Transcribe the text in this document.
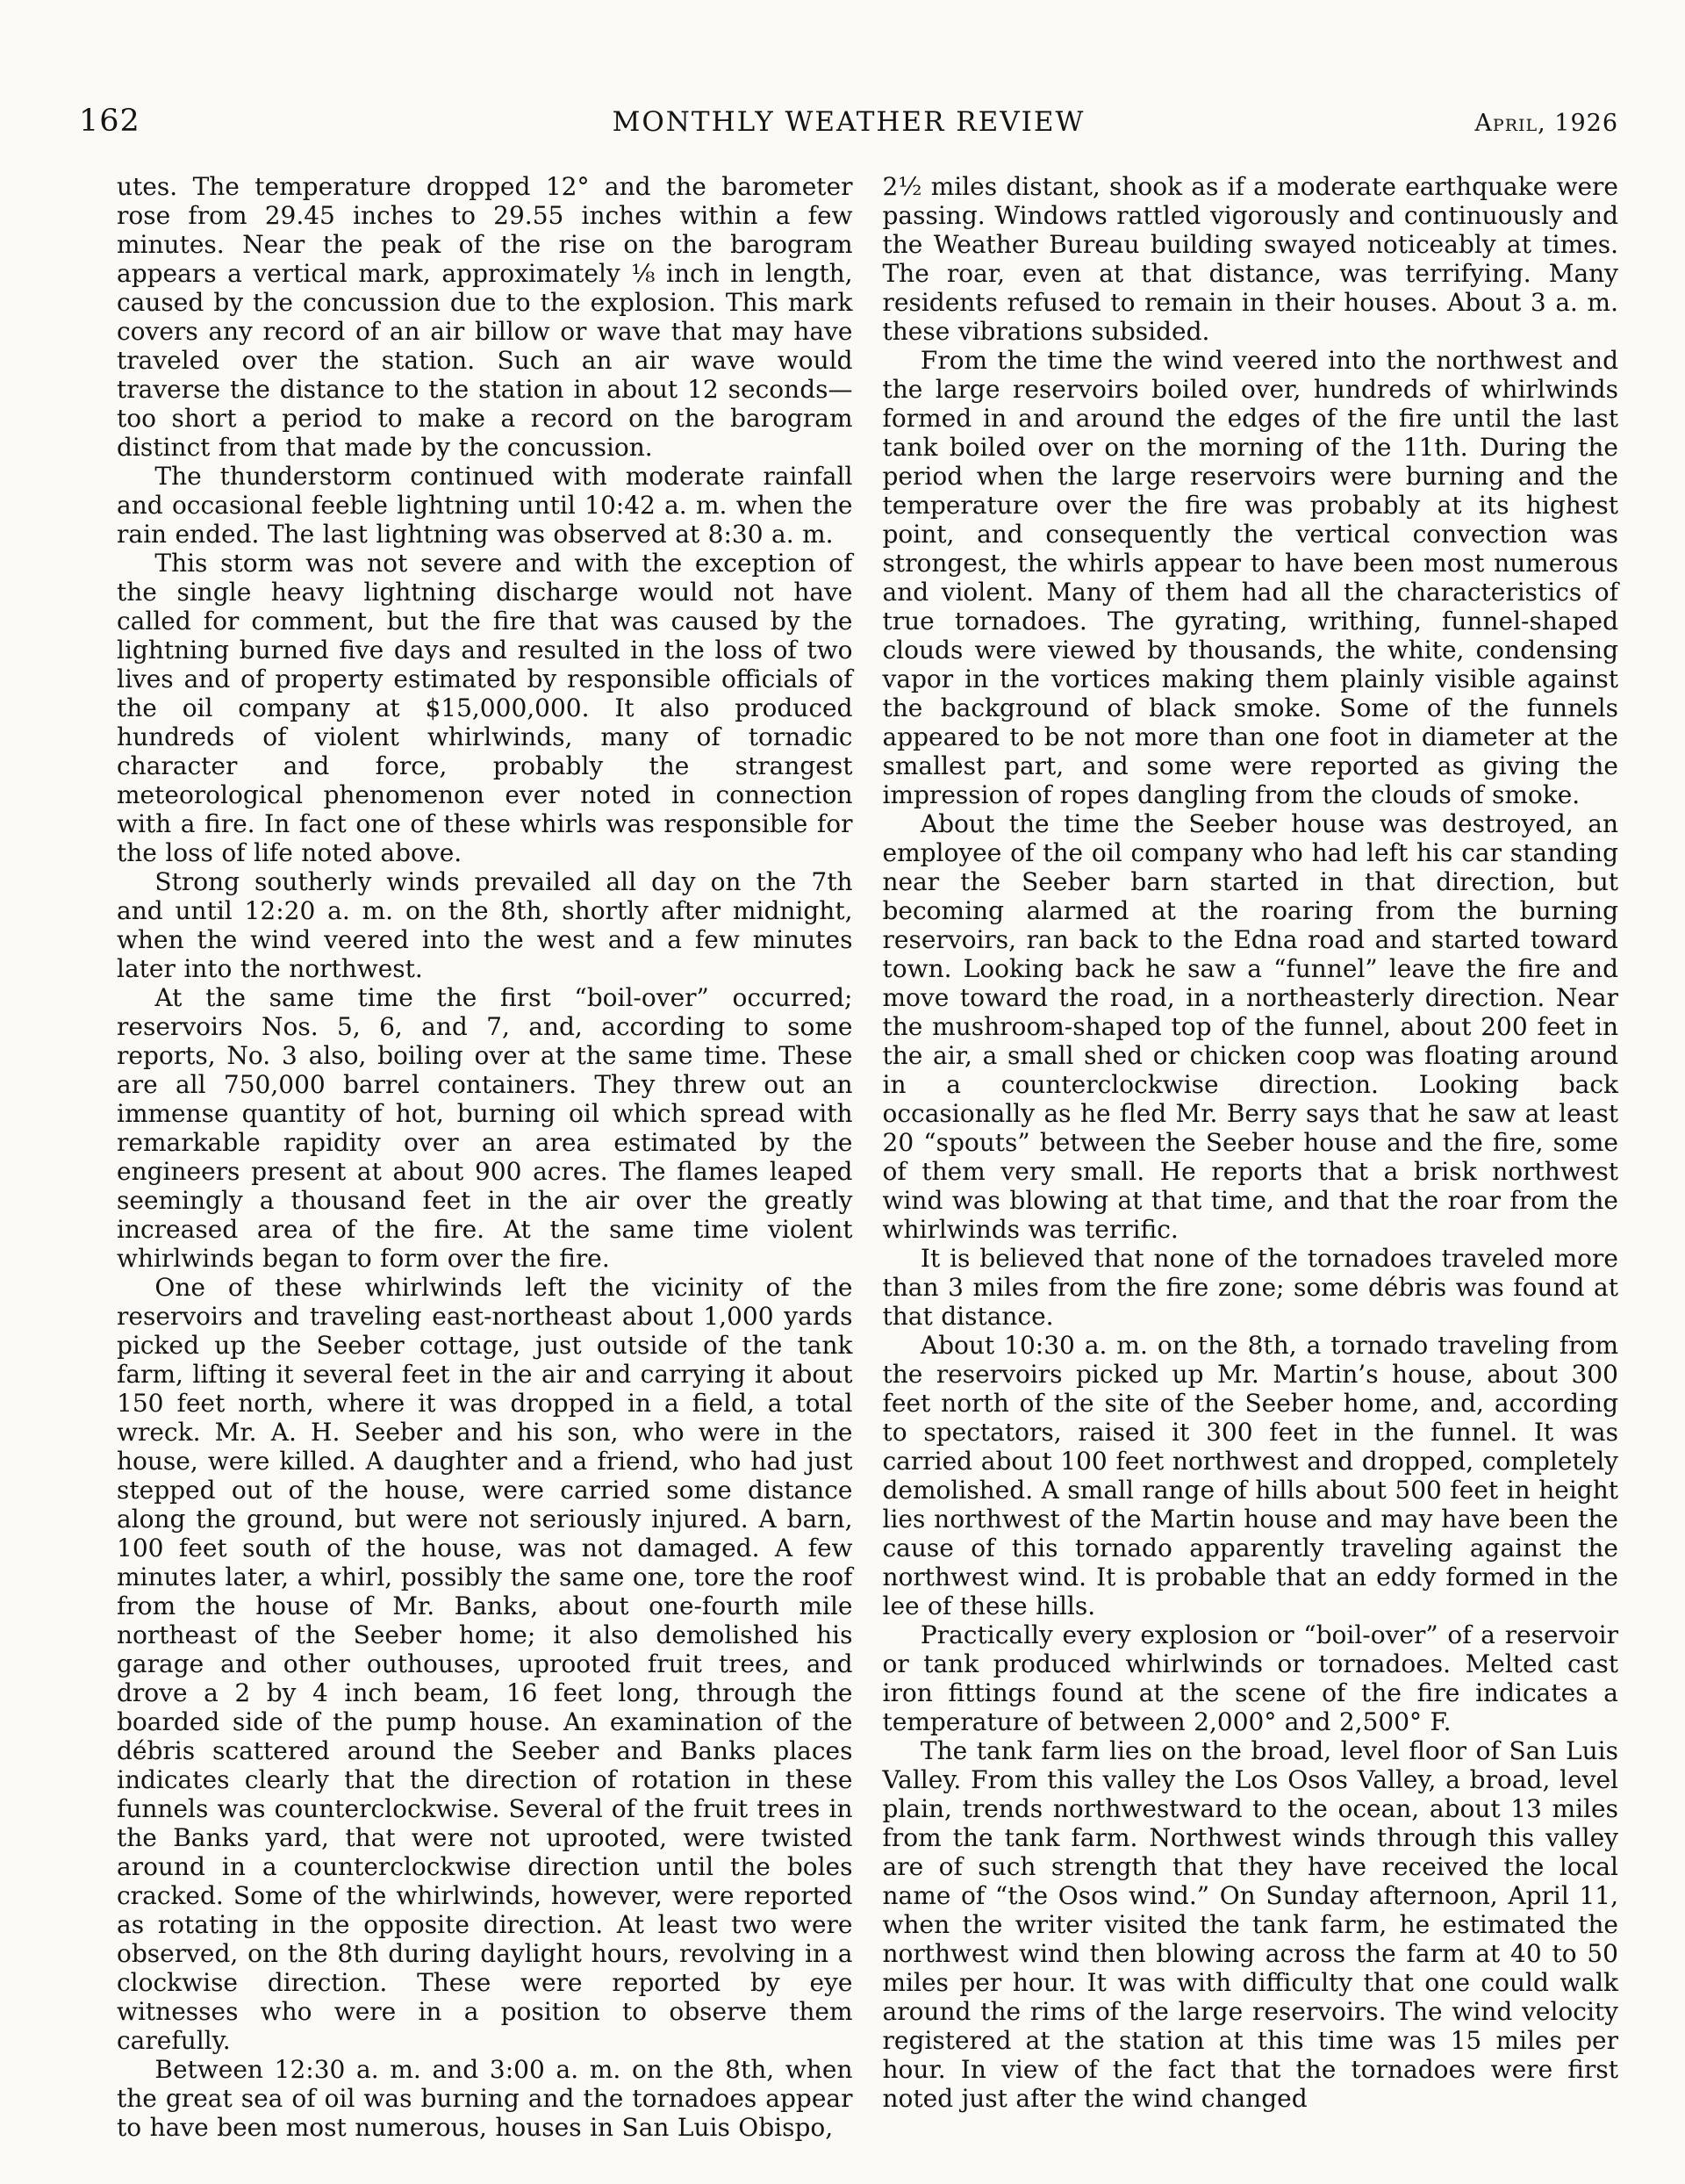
162	MONTHLY WEATHER REVIEW	April, 1926

utes. The temperature dropped 12° and the barometer rose from 29.45 inches to 29.55 inches within a few minutes. Near the peak of the rise on the barogram appears a vertical mark, approximately ⅛ inch in length, caused by the concussion due to the explosion. This mark covers any record of an air billow or wave that may have traveled over the station. Such an air wave would traverse the distance to the station in about 12 seconds—too short a period to make a record on the barogram distinct from that made by the concussion.

The thunderstorm continued with moderate rainfall and occasional feeble lightning until 10:42 a. m. when the rain ended. The last lightning was observed at 8:30 a. m.

This storm was not severe and with the exception of the single heavy lightning discharge would not have called for comment, but the fire that was caused by the lightning burned five days and resulted in the loss of two lives and of property estimated by responsible officials of the oil company at $15,000,000. It also produced hundreds of violent whirlwinds, many of tornadic character and force, probably the strangest meteorological phenomenon ever noted in connection with a fire. In fact one of these whirls was responsible for the loss of life noted above.

Strong southerly winds prevailed all day on the 7th and until 12:20 a. m. on the 8th, shortly after midnight, when the wind veered into the west and a few minutes later into the northwest.

At the same time the first “boil-over” occurred; reservoirs Nos. 5, 6, and 7, and, according to some reports, No. 3 also, boiling over at the same time. These are all 750,000 barrel containers. They threw out an immense quantity of hot, burning oil which spread with remarkable rapidity over an area estimated by the engineers present at about 900 acres. The flames leaped seemingly a thousand feet in the air over the greatly increased area of the fire. At the same time violent whirlwinds began to form over the fire.

One of these whirlwinds left the vicinity of the reservoirs and traveling east-northeast about 1,000 yards picked up the Seeber cottage, just outside of the tank farm, lifting it several feet in the air and carrying it about 150 feet north, where it was dropped in a field, a total wreck. Mr. A. H. Seeber and his son, who were in the house, were killed. A daughter and a friend, who had just stepped out of the house, were carried some distance along the ground, but were not seriously injured. A barn, 100 feet south of the house, was not damaged. A few minutes later, a whirl, possibly the same one, tore the roof from the house of Mr. Banks, about one-fourth mile northeast of the Seeber home; it also demolished his garage and other outhouses, uprooted fruit trees, and drove a 2 by 4 inch beam, 16 feet long, through the boarded side of the pump house. An examination of the débris scattered around the Seeber and Banks places indicates clearly that the direction of rotation in these funnels was counterclockwise. Several of the fruit trees in the Banks yard, that were not uprooted, were twisted around in a counterclockwise direction until the boles cracked. Some of the whirlwinds, however, were reported as rotating in the opposite direction. At least two were observed, on the 8th during daylight hours, revolving in a clockwise direction. These were reported by eye witnesses who were in a position to observe them carefully.

Between 12:30 a. m. and 3:00 a. m. on the 8th, when the great sea of oil was burning and the tornadoes appear to have been most numerous, houses in San Luis Obispo,

2½ miles distant, shook as if a moderate earthquake were passing. Windows rattled vigorously and continuously and the Weather Bureau building swayed noticeably at times. The roar, even at that distance, was terrifying. Many residents refused to remain in their houses. About 3 a. m. these vibrations subsided.

From the time the wind veered into the northwest and the large reservoirs boiled over, hundreds of whirlwinds formed in and around the edges of the fire until the last tank boiled over on the morning of the 11th. During the period when the large reservoirs were burning and the temperature over the fire was probably at its highest point, and consequently the vertical convection was strongest, the whirls appear to have been most numerous and violent. Many of them had all the characteristics of true tornadoes. The gyrating, writhing, funnel-shaped clouds were viewed by thousands, the white, condensing vapor in the vortices making them plainly visible against the background of black smoke. Some of the funnels appeared to be not more than one foot in diameter at the smallest part, and some were reported as giving the impression of ropes dangling from the clouds of smoke.

About the time the Seeber house was destroyed, an employee of the oil company who had left his car standing near the Seeber barn started in that direction, but becoming alarmed at the roaring from the burning reservoirs, ran back to the Edna road and started toward town. Looking back he saw a “funnel” leave the fire and move toward the road, in a northeasterly direction. Near the mushroom-shaped top of the funnel, about 200 feet in the air, a small shed or chicken coop was floating around in a counterclockwise direction. Looking back occasionally as he fled Mr. Berry says that he saw at least 20 “spouts” between the Seeber house and the fire, some of them very small. He reports that a brisk northwest wind was blowing at that time, and that the roar from the whirlwinds was terrific.

It is believed that none of the tornadoes traveled more than 3 miles from the fire zone; some débris was found at that distance.

About 10:30 a. m. on the 8th, a tornado traveling from the reservoirs picked up Mr. Martin’s house, about 300 feet north of the site of the Seeber home, and, according to spectators, raised it 300 feet in the funnel. It was carried about 100 feet northwest and dropped, completely demolished. A small range of hills about 500 feet in height lies northwest of the Martin house and may have been the cause of this tornado apparently traveling against the northwest wind. It is probable that an eddy formed in the lee of these hills.

Practically every explosion or “boil-over” of a reservoir or tank produced whirlwinds or tornadoes. Melted cast iron fittings found at the scene of the fire indicates a temperature of between 2,000° and 2,500° F.

The tank farm lies on the broad, level floor of San Luis Valley. From this valley the Los Osos Valley, a broad, level plain, trends northwestward to the ocean, about 13 miles from the tank farm. Northwest winds through this valley are of such strength that they have received the local name of “the Osos wind.” On Sunday afternoon, April 11, when the writer visited the tank farm, he estimated the northwest wind then blowing across the farm at 40 to 50 miles per hour. It was with difficulty that one could walk around the rims of the large reservoirs. The wind velocity registered at the station at this time was 15 miles per hour. In view of the fact that the tornadoes were first noted just after the wind changed
